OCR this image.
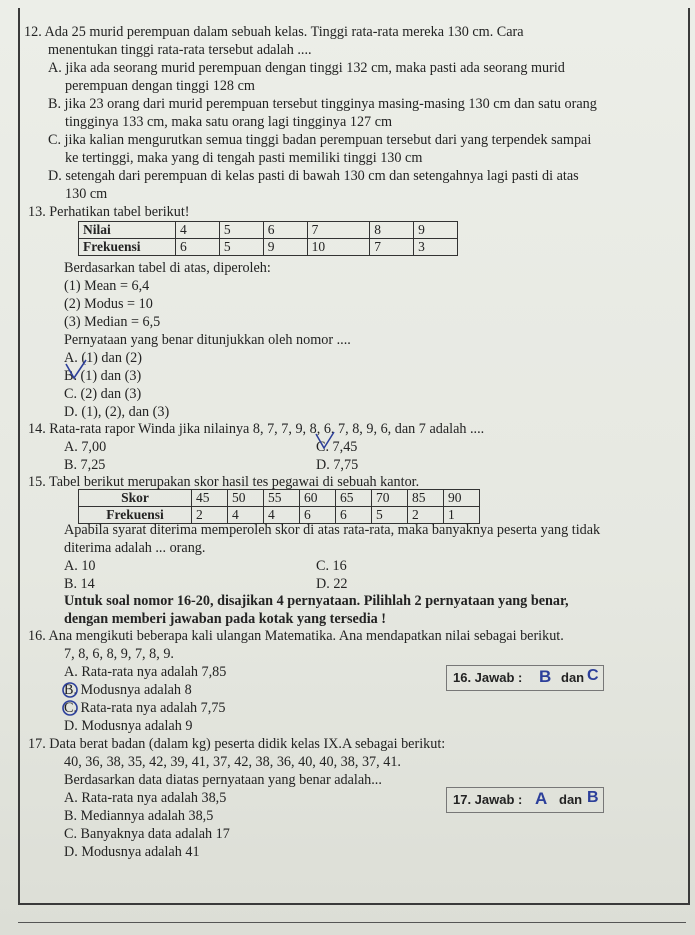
12. Ada 25 murid perempuan dalam sebuah kelas. Tinggi rata-rata mereka 130 cm. Cara
menentukan tinggi rata-rata tersebut adalah ....
A. jika ada seorang murid perempuan dengan tinggi 132 cm, maka pasti ada seorang murid
perempuan dengan tinggi 128 cm
B. jika 23 orang dari murid perempuan tersebut tingginya masing-masing 130 cm dan satu orang
tingginya 133 cm, maka satu orang lagi tingginya 127 cm
C. jika kalian mengurutkan semua tinggi badan perempuan tersebut dari yang terpendek sampai
ke tertinggi, maka yang di tengah pasti memiliki tinggi 130 cm
D. setengah dari perempuan di kelas pasti di bawah 130 cm dan setengahnya lagi pasti di atas
130 cm
13. Perhatikan tabel berikut!
Nilai	4	5	6	7	8	9
Frekuensi	6	5	9	10	7	3
Berdasarkan tabel di atas, diperoleh:
(1) Mean = 6,4
(2) Modus = 10
(3) Median = 6,5
Pernyataan yang benar ditunjukkan oleh nomor ....
A. (1) dan (2)
B. (1) dan (3)
C. (2) dan (3)
D. (1), (2), dan (3)
14. Rata-rata rapor Winda jika nilainya 8, 7, 7, 9, 8, 6, 7, 8, 9, 6, dan 7 adalah ....
A. 7,00	C. 7,45
B. 7,25	D. 7,75
15. Tabel berikut merupakan skor hasil tes pegawai di sebuah kantor.
Skor	45	50	55	60	65	70	85	90
Frekuensi	2	4	4	6	6	5	2	1
Apabila syarat diterima memperoleh skor di atas rata-rata, maka banyaknya peserta yang tidak
diterima adalah ... orang.
A. 10	C. 16
B. 14	D. 22
Untuk soal nomor 16-20, disajikan 4 pernyataan. Pilihlah 2 pernyataan yang benar,
dengan memberi jawaban pada kotak yang tersedia !
16. Ana mengikuti beberapa kali ulangan Matematika. Ana mendapatkan nilai sebagai berikut.
7, 8, 6, 8, 9, 7, 8, 9.
A. Rata-rata nya adalah 7,85
B. Modusnya adalah 8
C. Rata-rata nya adalah 7,75
D. Modusnya adalah 9
16. Jawab : B dan C
17. Data berat badan (dalam kg) peserta didik kelas IX.A sebagai berikut:
40, 36, 38, 35, 42, 39, 41, 37, 42, 38, 36, 40, 40, 38, 37, 41.
Berdasarkan data diatas pernyataan yang benar adalah...
A. Rata-rata nya adalah 38,5
B. Mediannya adalah 38,5
C. Banyaknya data adalah 17
D. Modusnya adalah 41
17. Jawab : A dan B
